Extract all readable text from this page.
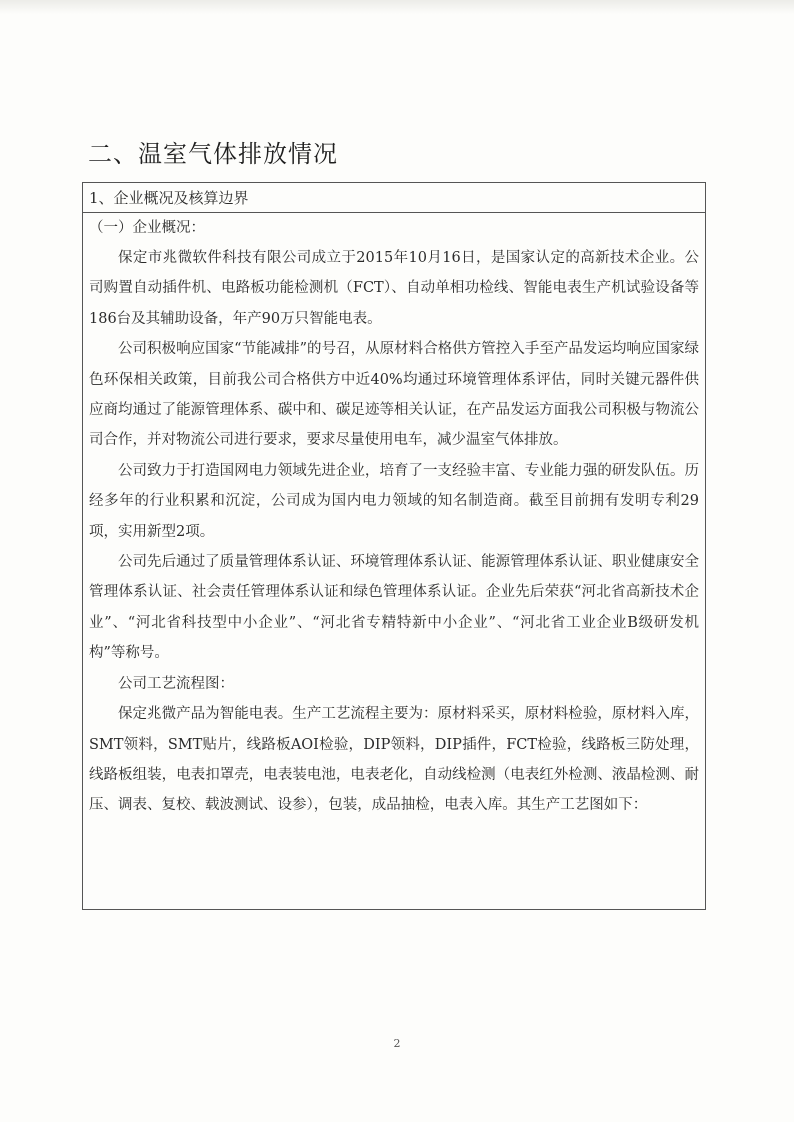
二、温室气体排放情况
1、企业概况及核算边界
（一）企业概况：

保定市兆微软件科技有限公司成立于2015年10月16日，是国家认定的高新技术企业。公司购置自动插件机、电路板功能检测机（FCT）、自动单相功检线、智能电表生产机试验设备等186台及其辅助设备，年产90万只智能电表。

公司积极响应国家“节能减排”的号召，从原材料合格供方管控入手至产品发运均响应国家绿色环保相关政策，目前我公司合格供方中近40%均通过环境管理体系评估，同时关键元器件供应商均通过了能源管理体系、碳中和、碳足迹等相关认证，在产品发运方面我公司积极与物流公司合作，并对物流公司进行要求，要求尽量使用电车，减少温室气体排放。

公司致力于打造国网电力领域先进企业，培育了一支经验丰富、专业能力强的研发队伍。历经多年的行业积累和沉淀，公司成为国内电力领域的知名制造商。截至目前拥有发明专利29项，实用新型2项。

公司先后通过了质量管理体系认证、环境管理体系认证、能源管理体系认证、职业健康安全管理体系认证、社会责任管理体系认证和绿色管理体系认证。企业先后荣获“河北省高新技术企业”、“河北省科技型中小企业”、“河北省专精特新中小企业”、“河北省工业企业B级研发机构”等称号。

公司工艺流程图：

保定兆微产品为智能电表。生产工艺流程主要为：原材料采买，原材料检验，原材料入库，SMT领料，SMT贴片，线路板AOI检验，DIP领料，DIP插件，FCT检验，线路板三防处理，线路板组装，电表扣罩壳，电表装电池，电表老化，自动线检测（电表红外检测、液晶检测、耐压、调表、复校、载波测试、设参），包装，成品抽检，电表入库。其生产工艺图如下：

2
